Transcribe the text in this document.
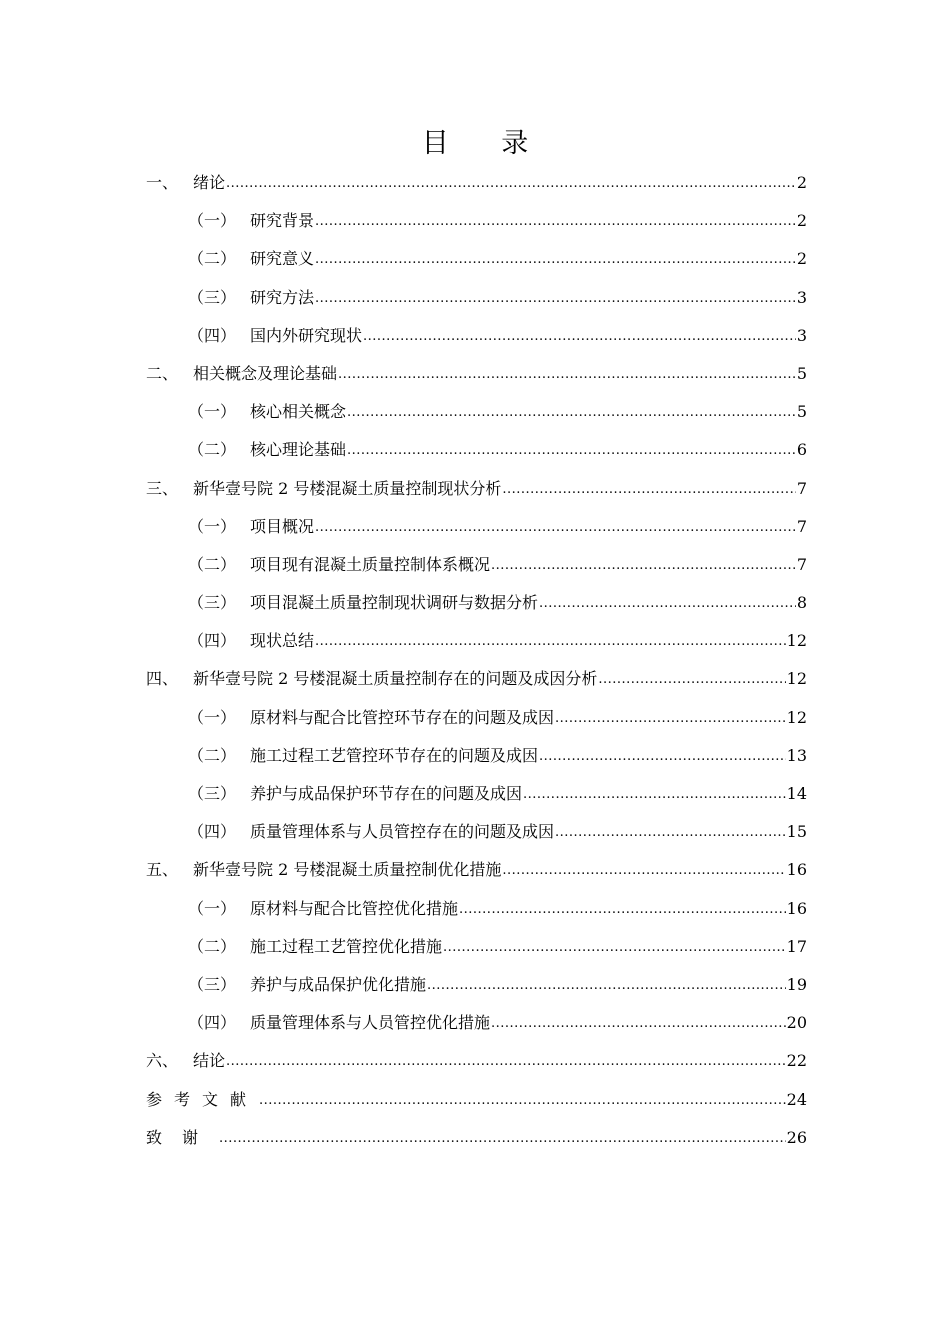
目 录
一、 绪论 .....	2
（一） 研究背景 .....	2
（二） 研究意义 .....	2
（三） 研究方法 .....	3
（四） 国内外研究现状 .....	3
二、 相关概念及理论基础 .....	5
（一） 核心相关概念 .....	5
（二） 核心理论基础 .....	6
三、 新华壹号院 2 号楼混凝土质量控制现状分析 .....	7
（一） 项目概况 .....	7
（二） 项目现有混凝土质量控制体系概况 .....	7
（三） 项目混凝土质量控制现状调研与数据分析 .....	8
（四） 现状总结 .....	12
四、 新华壹号院 2 号楼混凝土质量控制存在的问题及成因分析 .....	12
（一） 原材料与配合比管控环节存在的问题及成因 .....	12
（二） 施工过程工艺管控环节存在的问题及成因 .....	13
（三） 养护与成品保护环节存在的问题及成因 .....	14
（四） 质量管理体系与人员管控存在的问题及成因 .....	15
五、 新华壹号院 2 号楼混凝土质量控制优化措施 .....	16
（一） 原材料与配合比管控优化措施 .....	16
（二） 施工过程工艺管控优化措施 .....	17
（三） 养护与成品保护优化措施 .....	19
（四） 质量管理体系与人员管控优化措施 .....	20
六、 结论 .....	22
参考文献 .....	24
致谢 .....	26
